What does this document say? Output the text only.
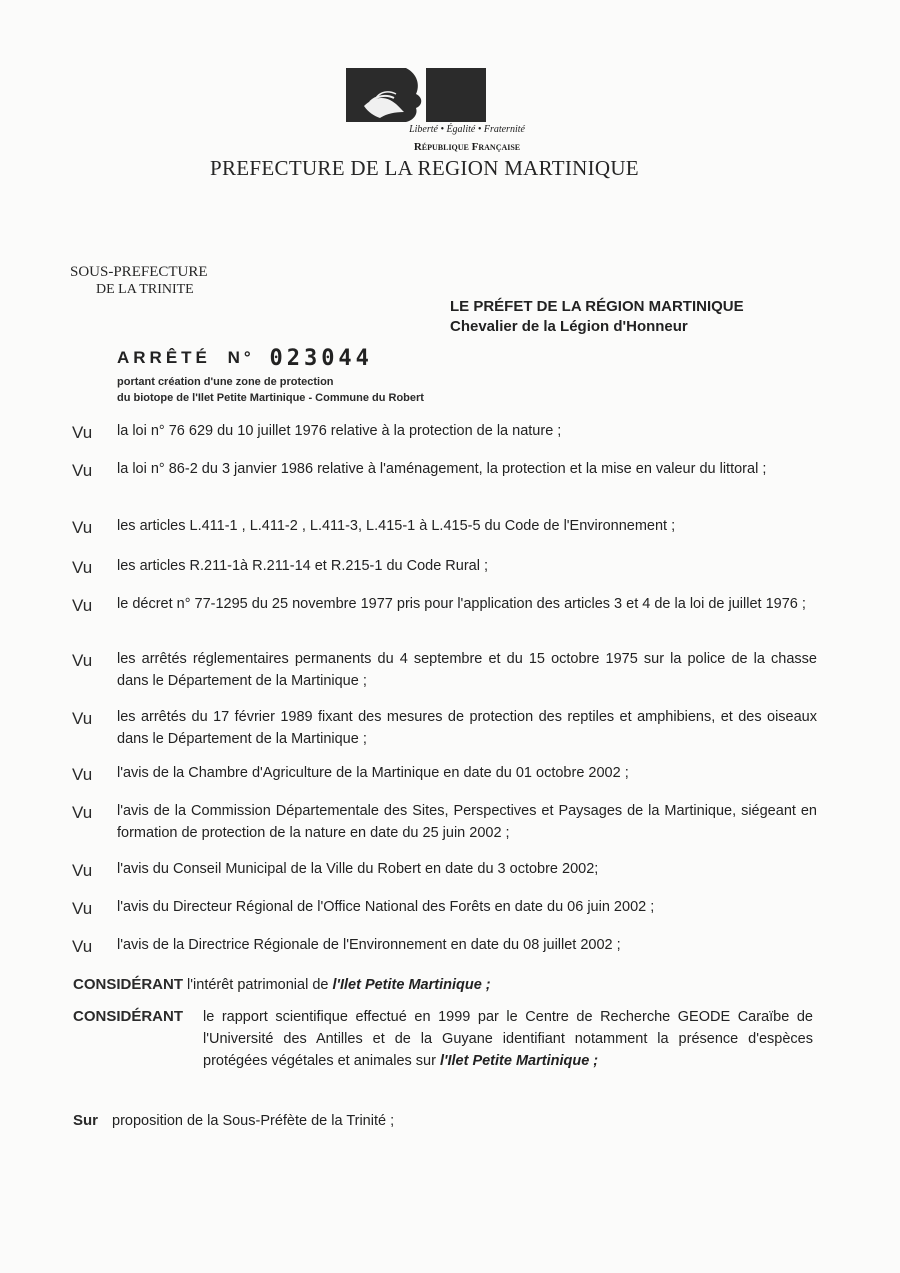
Liberté • Égalité • Fraternité
République Française
PREFECTURE DE LA REGION MARTINIQUE
SOUS-PREFECTURE
DE LA TRINITE
LE PRÉFET DE LA RÉGION MARTINIQUE
Chevalier de la Légion d'Honneur
ARRÊTÉ N° 023044
portant création d'une zone de protection
du biotope de l'Ilet Petite Martinique - Commune du Robert
Vu la loi n° 76 629 du 10 juillet 1976 relative à la protection de la nature ;
Vu la loi n° 86-2 du 3 janvier 1986 relative à l'aménagement, la protection et la mise en valeur du littoral ;
Vu les articles L.411-1 , L.411-2 , L.411-3, L.415-1 à L.415-5 du Code de l'Environnement ;
Vu les articles R.211-1à R.211-14 et R.215-1 du Code Rural ;
Vu le décret n° 77-1295 du 25 novembre 1977 pris pour l'application des articles 3 et 4 de la loi de juillet 1976 ;
Vu les arrêtés réglementaires permanents du 4 septembre et du 15 octobre 1975 sur la police de la chasse dans le Département de la Martinique ;
Vu les arrêtés du 17 février 1989 fixant des mesures de protection des reptiles et amphibiens, et des oiseaux dans le Département de la Martinique ;
Vu l'avis de la Chambre d'Agriculture de la Martinique en date du 01 octobre 2002 ;
Vu l'avis de la Commission Départementale des Sites, Perspectives et Paysages de la Martinique, siégeant en formation de protection de la nature en date du 25 juin 2002 ;
Vu l'avis du Conseil Municipal de la Ville du Robert en date du 3 octobre 2002;
Vu l'avis du Directeur Régional de l'Office National des Forêts en date du 06 juin 2002 ;
Vu l'avis de la Directrice Régionale de l'Environnement en date du 08 juillet 2002 ;
CONSIDÉRANT l'intérêt patrimonial de l'Ilet Petite Martinique ;
CONSIDÉRANT le rapport scientifique effectué en 1999 par le Centre de Recherche GEODE Caraïbe de l'Université des Antilles et de la Guyane identifiant notamment la présence d'espèces protégées végétales et animales sur l'Ilet Petite Martinique ;
Sur proposition de la Sous-Préfète de la Trinité ;
